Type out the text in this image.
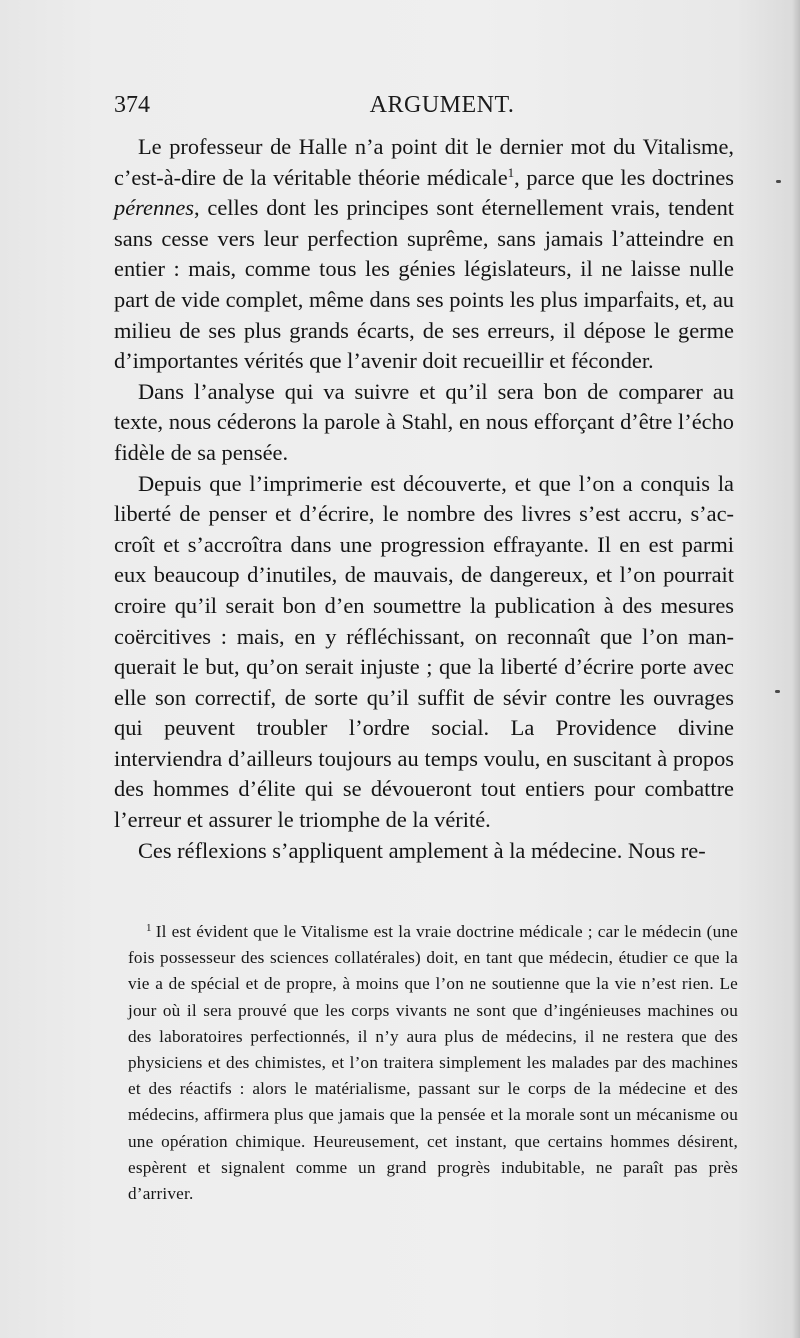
374	ARGUMENT.

Le professeur de Halle n’a point dit le dernier mot du Vitalisme, c’est-à-dire de la véritable théorie médicale$^1$, parce que les doctrines pérennes, celles dont les principes sont éternellement vrais, tendent sans cesse vers leur perfection suprême, sans jamais l’atteindre en entier : mais, comme tous les génies législateurs, il ne laisse nulle part de vide complet, même dans ses points les plus imparfaits, et, au milieu de ses plus grands écarts, de ses erreurs, il dépose le germe d’importantes vérités que l’avenir doit recueillir et féconder.

Dans l’analyse qui va suivre et qu’il sera bon de comparer au texte, nous céderons la parole à Stahl, en nous efforçant d’être l’écho fidèle de sa pensée.

Depuis que l’imprimerie est découverte, et que l’on a conquis la liberté de penser et d’écrire, le nombre des livres s’est accru, s’accroît et s’accroîtra dans une progression effrayante. Il en est parmi eux beaucoup d’inutiles, de mauvais, de dangereux, et l’on pourrait croire qu’il serait bon d’en soumettre la publication à des mesures coërcitives : mais, en y réfléchissant, on reconnaît que l’on manquerait le but, qu’on serait injuste ; que la liberté d’écrire porte avec elle son correctif, de sorte qu’il suffit de sévir contre les ouvrages qui peuvent troubler l’ordre social. La Providence divine interviendra d’ailleurs toujours au temps voulu, en suscitant à propos des hommes d’élite qui se dévoueront tout entiers pour combattre l’erreur et assurer le triomphe de la vérité.

Ces réflexions s’appliquent amplement à la médecine. Nous re-

$^1$ Il est évident que le Vitalisme est la vraie doctrine médicale ; car le médecin (une fois possesseur des sciences collatérales) doit, en tant que médecin, étudier ce que la vie a de spécial et de propre, à moins que l’on ne soutienne que la vie n’est rien. Le jour où il sera prouvé que les corps vivants ne sont que d’ingénieuses machines ou des laboratoires perfectionnés, il n’y aura plus de médecins, il ne restera que des physiciens et des chimistes, et l’on traitera simplement les malades par des machines et des réactifs : alors le matérialisme, passant sur le corps de la médecine et des médecins, affirmera plus que jamais que la pensée et la morale sont un mécanisme ou une opération chimique. Heureusement, cet instant, que certains hommes désirent, espèrent et signalent comme un grand progrès indubitable, ne paraît pas près d’arriver.
